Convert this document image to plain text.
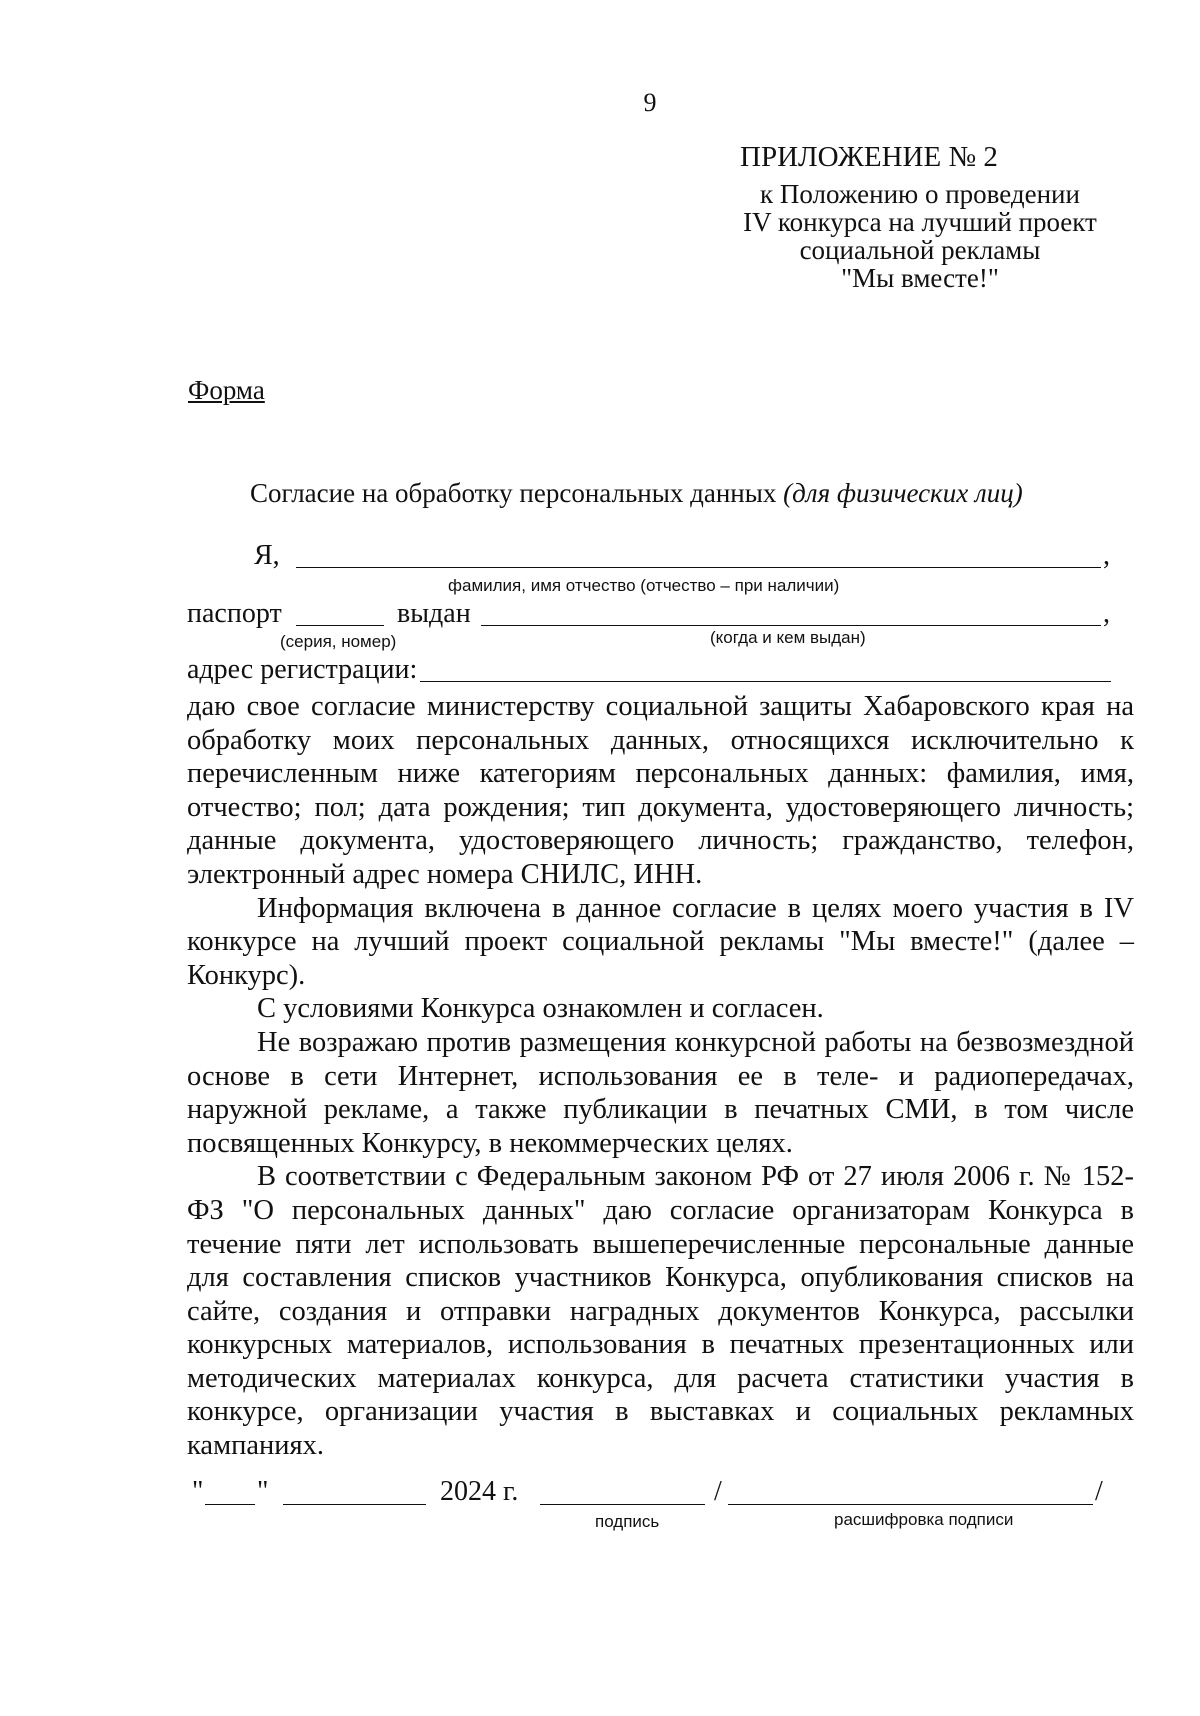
9
ПРИЛОЖЕНИЕ № 2
к Положению о проведении
IV конкурса на лучший проект
социальной рекламы
"Мы вместе!"
Форма
Согласие на обработку персональных данных (для физических лиц)
Я,	,
фамилия, имя отчество (отчество – при наличии)
паспорт	выдан	,
(серия, номер)	(когда и кем выдан)
адрес регистрации:

даю свое согласие министерству социальной защиты Хабаровского края на обработку моих персональных данных, относящихся исключительно к перечисленным ниже категориям персональных данных: фамилия, имя, отчество; пол; дата рождения; тип документа, удостоверяющего личность; данные документа, удостоверяющего личность; гражданство, телефон, электронный адрес номера СНИЛС, ИНН.

Информация включена в данное согласие в целях моего участия в IV конкурсе на лучший проект социальной рекламы "Мы вместе!" (далее – Конкурс).

С условиями Конкурса ознакомлен и согласен.

Не возражаю против размещения конкурсной работы на безвозмездной основе в сети Интернет, использования ее в теле- и радиопередачах, наружной рекламе, а также публикации в печатных СМИ, в том числе посвященных Конкурсу, в некоммерческих целях.

В соответствии с Федеральным законом РФ от 27 июля 2006 г. № 152-ФЗ "О персональных данных" даю согласие организаторам Конкурса в течение пяти лет использовать вышеперечисленные персональные данные для составления списков участников Конкурса, опубликования списков на сайте, создания и отправки наградных документов Конкурса, рассылки конкурсных материалов, использования в печатных презентационных или методических материалах конкурса, для расчета статистики участия в конкурсе, организации участия в выставках и социальных рекламных кампаниях.

" "	2024 г.	/	/
подпись	расшифровка подписи
